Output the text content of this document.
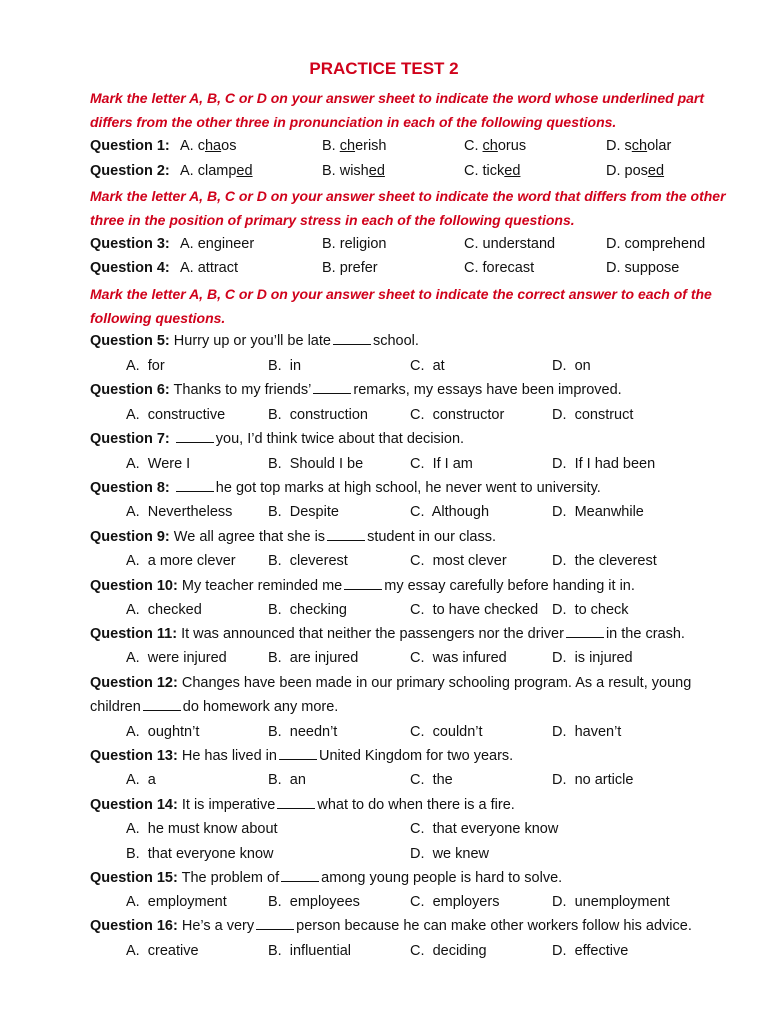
PRACTICE TEST 2
Mark the letter A, B, C or D on your answer sheet to indicate the word whose underlined part differs from the other three in pronunciation in each of the following questions.
Question 1: A. chaos	B. cherish	C. chorus	D. scholar
Question 2: A. clamped	B. wished	C. ticked	D. posed
Mark the letter A, B, C or D on your answer sheet to indicate the word that differs from the other three in the position of primary stress in each of the following questions.
Question 3: A. engineer	B. religion	C. understand	D. comprehend
Question 4: A. attract	B. prefer	C. forecast	D. suppose
Mark the letter A, B, C or D on your answer sheet to indicate the correct answer to each of the following questions.
Question 5: Hurry up or you’ll be late	school.
A. for	B. in	C. at	D. on
Question 6: Thanks to my friends’	remarks, my essays have been improved.
A. constructive	B. construction	C. constructor	D. construct
Question 7:	you, I’d think twice about that decision.
A. Were I	B. Should I be	C. If I am	D. If I had been
Question 8:	he got top marks at high school, he never went to university.
A. Nevertheless B. Despite	C. Although	D. Meanwhile
Question 9: We all agree that she is	student in our class.
A. a more clever B. cleverest	C. most clever	D. the cleverest
Question 10: My teacher reminded me	my essay carefully before handing it in.
A. checked	B. checking	C. to have checked D. to check
Question 11: It was announced that neither the passengers nor the driver	in the crash.
A. were injured	B. are injured	C. was infured	D. is injured
Question 12: Changes have been made in our primary schooling program. As a result, young
children	do homework any more.
A. oughtn’t	B. needn’t	C. couldn’t	D. haven’t
Question 13: He has lived in	United Kingdom for two years.
A. a	B. an	C. the	D. no article
Question 14: It is imperative	what to do when there is a fire.
A. he must know about	C. that everyone know
B. that everyone know	D. we knew
Question 15: The problem of	among young people is hard to solve.
A. employment	B. employees	C. employers	D. unemployment
Question 16: He’s a very	person because he can make other workers follow his advice.
A. creative	B. influential	C. deciding	D. effective
